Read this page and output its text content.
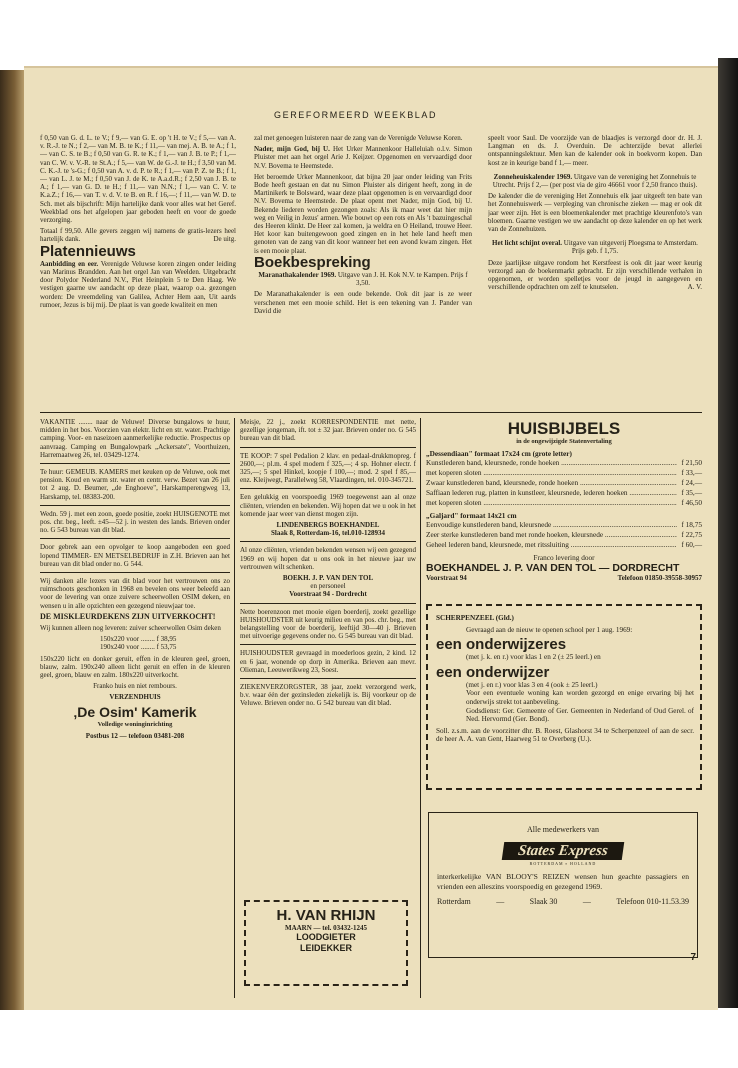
GEREFORMEERD WEEKBLAD

f 0,50 van G. d. L. te V.; f 9,— van G. E. op 't H. te V.; f 5,— van A. v. R.-J. te N.; f 2,— van M. B. te K.; f 11,— van mej. A. B. te A.; f 1,— van C. S. te B.; f 0,50 van G. R. te K.; f 1,— van J. B. te P.; f 1,— van C. W. v. V.-R. te St.A.; f 5,— van W. de G.-J. te H.; f 3,50 van M. C. K.-J. te 's-G.; f 0,50 van A. v. d. P. te R.; f 1,— van P. Z. te B.; f 1,— van L. J. te M.; f 0,50 van J. de K. te A.a.d.R.; f 2,50 van J. B. te A.; f 1,— van G. D. te H.; f 11,— van N.N.; f 1,— van C. V. te K.a.Z.; f 16,— van T. v. d. V. te B. en R. f 16,—; f 11,— van W. D. te Sch. met als bijschrift: Mijn hartelijke dank voor alles wat het Geref. Weekblad ons het afgelopen jaar geboden heeft en voor de goede verzorging.

Totaal f 99,50. Alle gevers zeggen wij namens de gratis-lezers heel hartelijk dank.	De uitg.

Platennieuws

Aanbidding en eer. Verenigde Veluwse koren zingen onder leiding van Marinus Brandden. Aan het orgel Jan van Weelden. Uitgebracht door Polydor Nederland N.V., Piet Heinplein 5 te Den Haag. We vestigen gaarne uw aandacht op deze plaat, waarop o.a. gezongen worden: De vreemdeling van Galilea, Achter Hem aan, Uit aards rumoer, Jezus is bij mij. De plaat is van goede kwaliteit en men

zal met genoegen luisteren naar de zang van de Verenigde Veluwse Koren.

Nader, mijn God, bij U. Het Urker Mannenkoor Halleluiah o.l.v. Simon Pluister met aan het orgel Arie J. Keijzer. Opgenomen en vervaardigd door N.V. Bovema te Heemstede.

Het beroemde Urker Mannenkoor, dat bijna 20 jaar onder leiding van Frits Bode heeft gestaan en dat nu Simon Pluister als dirigent heeft, zong in de Martinikerk te Bolsward, waar deze plaat opgenomen is en vervaardigd door N.V. Bovema te Heemstede. De plaat opent met Nader, mijn God, bij U. Bekende liederen worden gezongen zoals: Als ik maar weet dat hier mijn weg en Veilig in Jezus' armen. Wie bouwt op een rots en Als 't bazuingeschal des Heeren klinkt. De Heer zal komen, ja weldra en O Heiland, trouwe Heer. Het koor kan buitengewoon goed zingen en in het hele land heeft men genoten van de zang van dit koor wanneer het een avond kwam zingen. Het is een mooie plaat.

Boekbespreking

Maranathakalender 1969. Uitgave van J. H. Kok N.V. te Kampen. Prijs f 3,50.

De Maranathakalender is een oude bekende. Ook dit jaar is ze weer verschenen met een mooie schild. Het is een tekening van J. Pander van David die

speelt voor Saul. De voorzijde van de blaadjes is verzorgd door dr. H. J. Langman en ds. J. Overduin. De achterzijde bevat allerlei ontspanningslektuur. Men kan de kalender ook in boekvorm kopen. Dan kost ze in keurige band f 1,— meer.

Zonneheuiskalender 1969. Uitgave van de vereniging het Zonnehuis te Utrecht. Prijs f 2,— (per post via de giro 46661 voor f 2,50 franco thuis).

De kalender die de vereniging Het Zonnehuis elk jaar uitgeeft ten bate van het Zonnehuiswerk — verpleging van chronische zieken — mag er ook dit jaar weer zijn. Het is een bloemenkalender met prachtige kleurenfoto's van bloemen. Gaarne vestigen we uw aandacht op deze kalender en op het werk van de Zonnehuizen.

Het licht schijnt overal. Uitgave van uitgeverij Ploegsma te Amsterdam. Prijs geb. f 1,75.

Deze jaarlijkse uitgave rondom het Kerstfeest is ook dit jaar weer keurig verzorgd aan de boekenmarkt gebracht. Er zijn verschillende verhalen in opgenomen, er worden spelletjes voor de jeugd in aangegeven en verschillende opdrachten om zelf te knutselen.	A. V.

VAKANTIE ........ naar de Veluwe! Diverse bungalows te huur, midden in het bos. Voorzien van elektr. licht en str. water. Prachtige camping. Voor- en naseizoen aanmerkelijke reductie. Prospectus op aanvraag. Camping en Bungalowpark „Ackersate", Voorthuizen, Harremaatweg 26, tel. 03429-1274.

Te huur: GEMEUB. KAMERS met keuken op de Veluwe, ook met pension. Koud en warm str. water en centr. verw. Bezet van 26 juli tot 2 aug. D. Beumer, „de Enghoeve", Harskamperengweg 13, Harskamp, tel. 08383-200.

Wedn. 59 j. met een zoon, goede positie, zoekt HUISGENOTE met pos. chr. beg., leeft. ±45—52 j. in westen des lands. Brieven onder no. G 543 bureau van dit blad.

Door gebrek aan een opvolger te koop aangeboden een goed lopend TIMMER- EN METSELBEDRIJF in Z.H. Brieven aan het bureau van dit blad onder no. G 544.

Wij danken alle lezers van dit blad voor het vertrouwen ons zo ruimschoots geschonken in 1968 en bevelen ons weer beleefd aan voor de levering van onze zuivere scheerwollen OSIM deken, en wensen u in alle opzichten een gezegend nieuwjaar toe.

DE MISKLEURDEKENS ZIJN UITVERKOCHT!

Wij kunnen alleen nog leveren: zuiver scheerwollen Osim deken

150x220 voor ........ f 38,95

190x240 voor ........ f 53,75

150x220 licht en donker geruit, effen in de kleuren geel, groen, blauw, zalm. 190x240 alleen licht geruit en effen in de kleuren geel, groen, blauw en zalm. 180x220 uitverkocht.

Franko huis en niet rembours.

VERZENDHUIS

‚De Osim' Kamerik

Volledige woninginrichting

Postbus 12 — telefoon 03481-208

Meisje, 22 j., zoekt KORRESPONDENTIE met nette, gezellige jongeman, ift. tot ± 32 jaar. Brieven onder no. G 545 bureau van dit blad.

TE KOOP: 7 spel Pedalion 2 klav. en pedaal-drukkmopreg. f 2600,—; pl.m. 4 spel modern f 325,—; 4 sp. Hohner electr. f 325,—; 5 spel Hinkel, koopje f 100,—; mod. 2 spel f 85,— enz. Kleijwegt, Parallelweg 58, Vlaardingen, tel. 010-345721.

Een gelukkig en voorspoedig 1969 toegewenst aan al onze cliënten, vrienden en bekenden. Wij hopen dat we u ook in het komende jaar weer van dienst mogen zijn.

LINDENBERGS BOEKHANDEL

Slaak 8, Rotterdam-16, tel.010-128934

Al onze cliënten, vrienden bekenden wensen wij een gezegend 1969 en wij hopen dat u ons ook in het nieuwe jaar uw vertrouwen wilt schenken.

BOEKH. J. P. VAN DEN TOL

en personeel

Voorstraat 94 - Dordrecht

Nette boerenzoon met mooie eigen boerderij, zoekt gezellige HUISHOUDSTER uit keurig milieu en van pos. chr. beg., met belangstelling voor de boerderij, leeftijd 30—40 j. Brieven met uitvoerige gegevens onder no. G 545 bureau van dit blad.

HUISHOUDSTER gevraagd in moederloos gezin, 2 kind. 12 en 6 jaar, wonende op dorp in Amerika. Brieven aan mevr. Olieman, Leeuwerikweg 23, Soest.

ZIEKENVERZORGSTER, 38 jaar, zoekt verzorgend werk, b.v. waar één der gezinsleden ziekelijk is. Bij voorkeur op de Veluwe. Brieven onder no. G 542 bureau van dit blad.

H. VAN RHIJN

MAARN — tel. 03432-1245

LOODGIETER

LEIDEKKER

HUISBIJBELS
in de ongewijzigde Statenvertaling
„Dessendiaan" formaat 17x24 cm (grote letter)
Kunstlederen band, kleursnede, ronde hoeken .....	f 21,50
met koperen sloten .....	f 33,—
Zwaar kunstlederen band, kleursnede, ronde hoeken .....	f 24,—
Saffiaan lederen rug, platten in kunstleer, kleursnede, lederen hoeken .....	f 35,—
met koperen sloten .....	f 46,50
„Galjard" formaat 14x21 cm
Eenvoudige kunstlederen band, kleursnede .....	f 18,75
Zeer sterke kunstlederen band met ronde hoeken, kleursnede .....	f 22,75
Geheel lederen band, kleursnede, met ritssluiting .....	f 60,—
Franco levering door
BOEKHANDEL J. P. VAN DEN TOL — DORDRECHT
Voorstraat 94	Telefoon 01850-39558-30957

SCHERPENZEEL (Gld.)

Gevraagd aan de nieuw te openen school per 1 aug. 1969:

een onderwijzeres

(met j. k. en r.) voor klas 1 en 2 (± 25 leerl.) en

een onderwijzer

(met j. en r.) voor klas 3 en 4 (ook ± 25 leerl.)

Voor een eventuele woning kan worden gezorgd en enige ervaring bij het onderwijs strekt tot aanbeveling.

Godsdienst: Ger. Gemeente of Ger. Gemeenten in Nederland of Oud Gerel. of Ned. Hervormd (Ger. Bond).

Soll. z.s.m. aan de voorzitter dhr. B. Roest, Glashorst 34 te Scherpenzeel of aan de secr. de heer A. A. van Gent, Haarweg 51 te Overberg (U.).

Alle medewerkers van
States Express
ROTTERDAM ▪ HOLLAND
interkerkelijke VAN BLOOY'S REIZEN wensen hun geachte passagiers en vrienden een alleszins voorspoedig en gezegend 1969.
Rotterdam	—	Slaak 30	—	Telefoon 010-11.53.39
7
